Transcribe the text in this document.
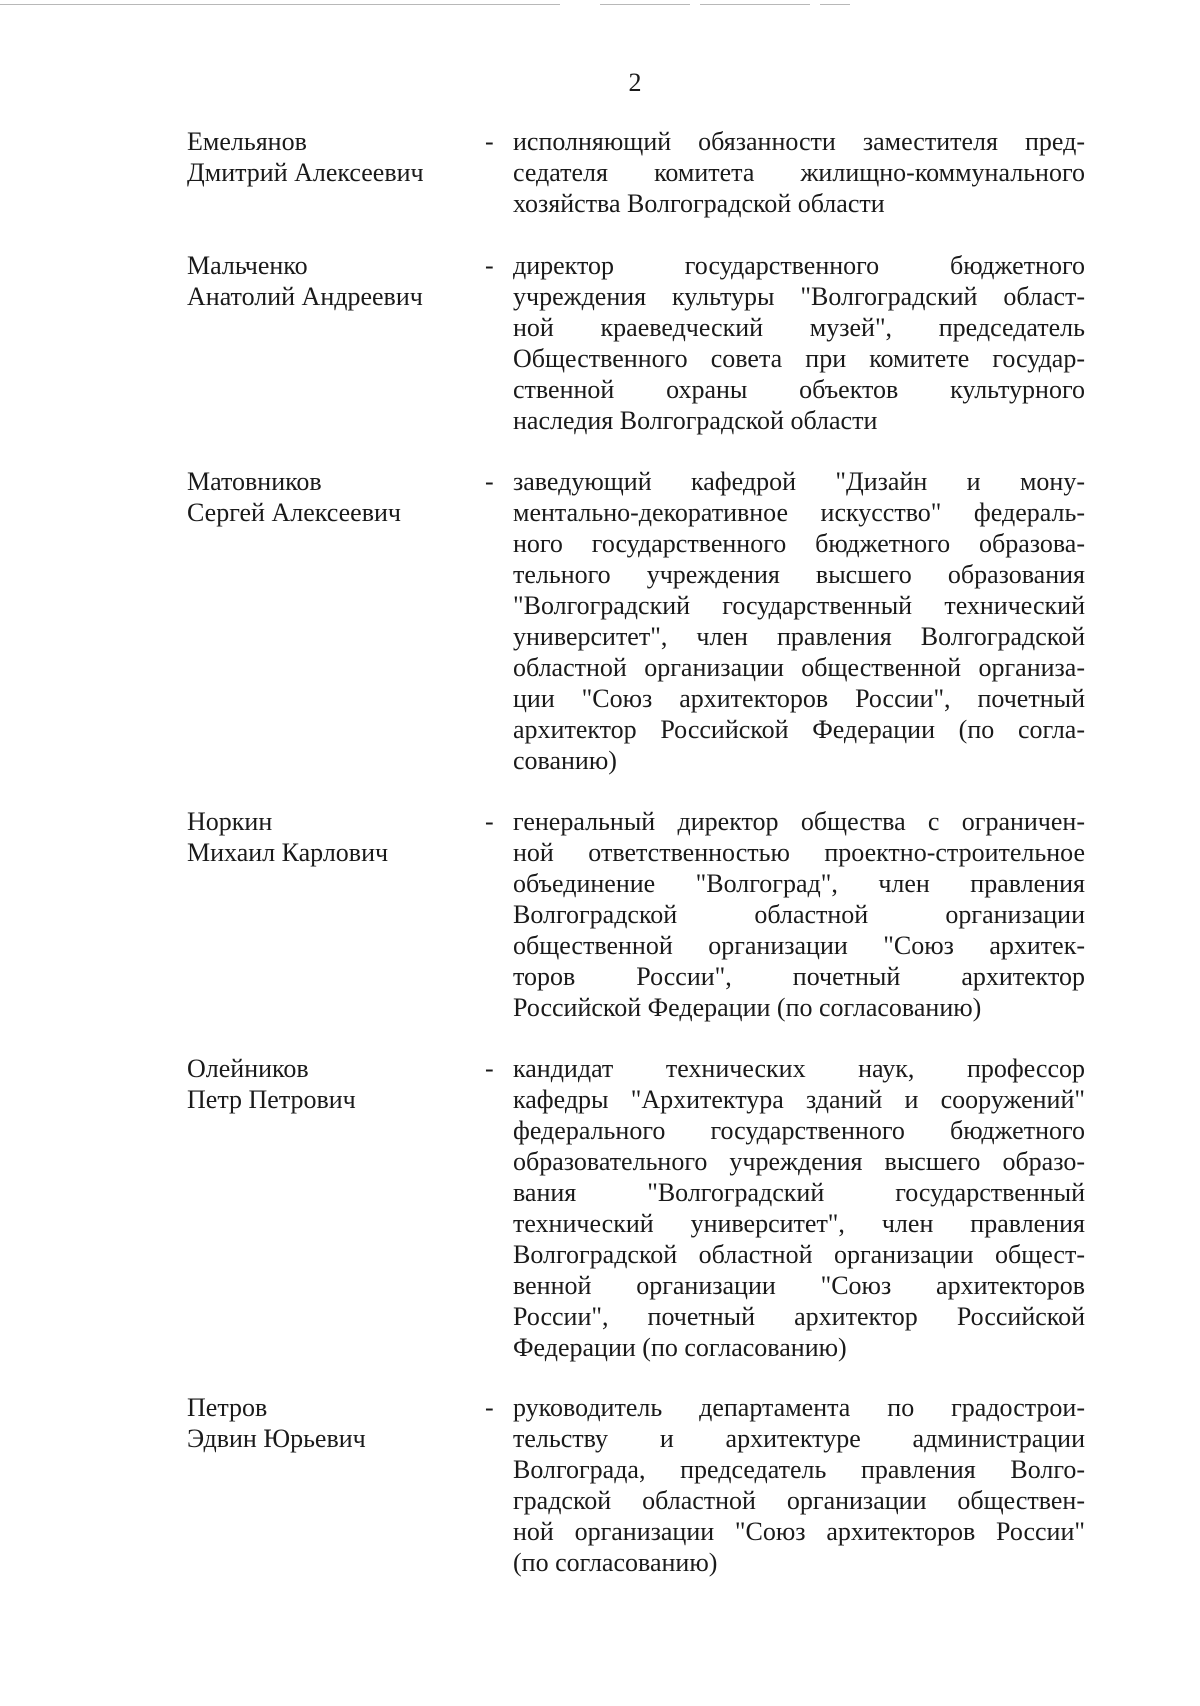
2
Емельянов
Дмитрий Алексеевич
- исполняющий обязанности заместителя пред-
седателя комитета жилищно-коммунального
хозяйства Волгоградской области
Мальченко
Анатолий Андреевич
- директор государственного бюджетного
учреждения культуры "Волгоградский област-
ной краеведческий музей", председатель
Общественного совета при комитете государ-
ственной охраны объектов культурного
наследия Волгоградской области
Матовников
Сергей Алексеевич
- заведующий кафедрой "Дизайн и мону-
ментально-декоративное искусство" федераль-
ного государственного бюджетного образова-
тельного учреждения высшего образования
"Волгоградский государственный технический
университет", член правления Волгоградской
областной организации общественной организа-
ции "Союз архитекторов России", почетный
архитектор Российской Федерации (по согла-
сованию)
Норкин
Михаил Карлович
- генеральный директор общества с ограничен-
ной ответственностью проектно-строительное
объединение "Волгоград", член правления
Волгоградской областной организации
общественной организации "Союз архитек-
торов России", почетный архитектор
Российской Федерации (по согласованию)
Олейников
Петр Петрович
- кандидат технических наук, профессор
кафедры "Архитектура зданий и сооружений"
федерального государственного бюджетного
образовательного учреждения высшего образо-
вания "Волгоградский государственный
технический университет", член правления
Волгоградской областной организации общест-
венной организации "Союз архитекторов
России", почетный архитектор Российской
Федерации (по согласованию)
Петров
Эдвин Юрьевич
- руководитель департамента по градострои-
тельству и архитектуре администрации
Волгограда, председатель правления Волго-
градской областной организации обществен-
ной организации "Союз архитекторов России"
(по согласованию)
